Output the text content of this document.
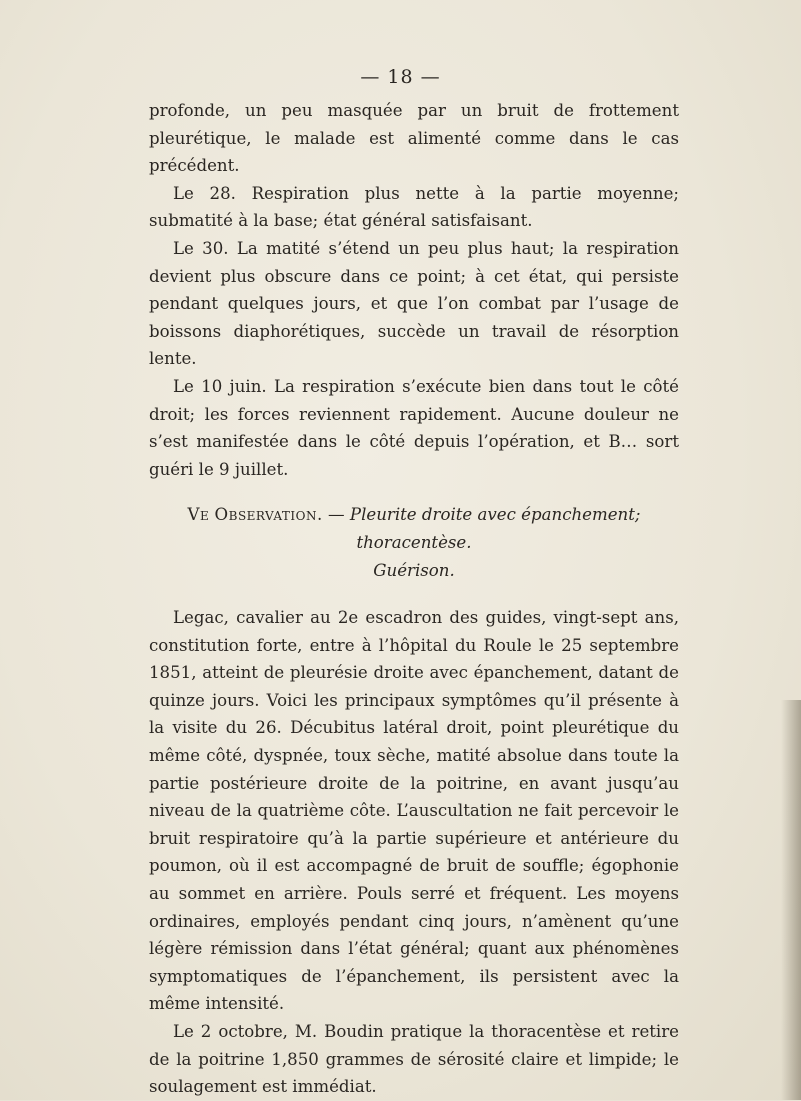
— 18 —

profonde, un peu masquée par un bruit de frottement pleurétique, le malade est alimenté comme dans le cas précédent.

Le 28. Respiration plus nette à la partie moyenne; submatité à la base; état général satisfaisant.

Le 30. La matité s’étend un peu plus haut; la respiration devient plus obscure dans ce point; à cet état, qui persiste pendant quelques jours, et que l’on combat par l’usage de boissons diaphorétiques, succède un travail de résorption lente.

Le 10 juin. La respiration s’exécute bien dans tout le côté droit; les forces reviennent rapidement. Aucune douleur ne s’est manifestée dans le côté depuis l’opération, et B… sort guéri le 9 juillet.

Ve Observation. — Pleurite droite avec épanchement; thoracentèse.
Guérison.

Legac, cavalier au 2e escadron des guides, vingt-sept ans, constitution forte, entre à l’hôpital du Roule le 25 septembre 1851, atteint de pleurésie droite avec épanchement, datant de quinze jours. Voici les principaux symptômes qu’il présente à la visite du 26. Décubitus latéral droit, point pleurétique du même côté, dyspnée, toux sèche, matité absolue dans toute la partie postérieure droite de la poitrine, en avant jusqu’au niveau de la quatrième côte. L’auscultation ne fait percevoir le bruit respiratoire qu’à la partie supérieure et antérieure du poumon, où il est accompagné de bruit de souffle; égophonie au sommet en arrière. Pouls serré et fréquent. Les moyens ordinaires, employés pendant cinq jours, n’amènent qu’une légère rémission dans l’état général; quant aux phénomènes symptomatiques de l’épanchement, ils persistent avec la même intensité.

Le 2 octobre, M. Boudin pratique la thoracentèse et retire de la poitrine 1,850 grammes de sérosité claire et limpide; le soulagement est immédiat.
